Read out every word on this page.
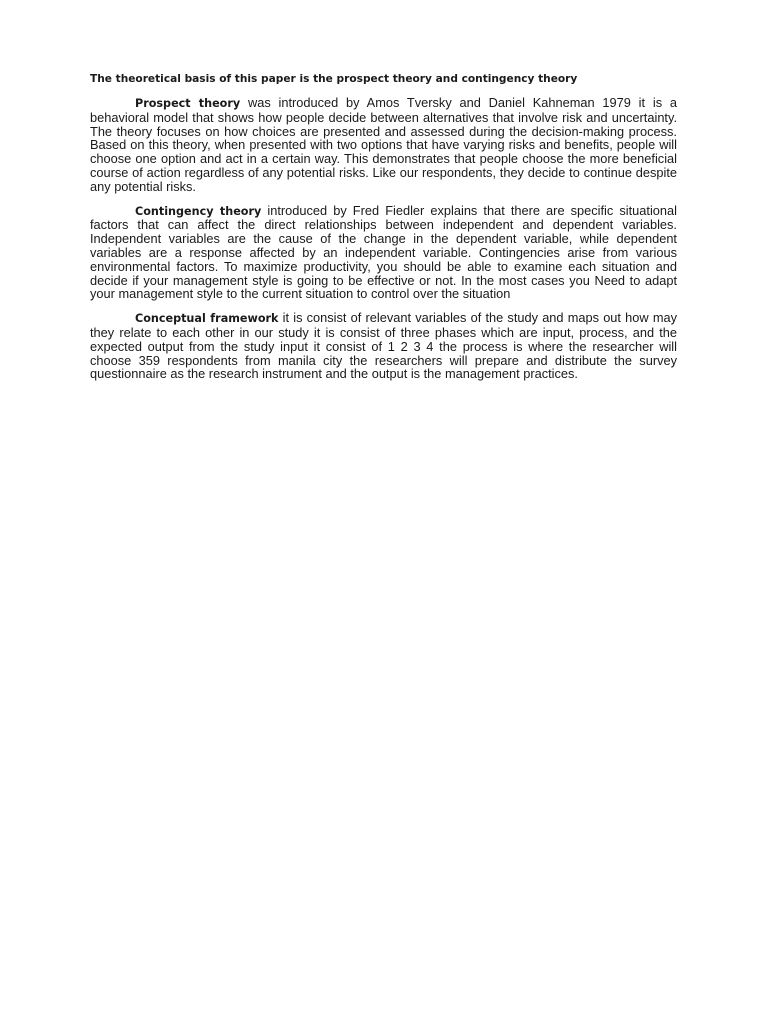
The theoretical basis of this paper is the prospect theory and contingency theory

Prospect theory was introduced by Amos Tversky and Daniel Kahneman 1979 it is a behavioral model that shows how people decide between alternatives that involve risk and uncertainty. The theory focuses on how choices are presented and assessed during the decision-making process. Based on this theory, when presented with two options that have varying risks and benefits, people will choose one option and act in a certain way. This demonstrates that people choose the more beneficial course of action regardless of any potential risks. Like our respondents, they decide to continue despite any potential risks.

Contingency theory introduced by Fred Fiedler explains that there are specific situational factors that can affect the direct relationships between independent and dependent variables. Independent variables are the cause of the change in the dependent variable, while dependent variables are a response affected by an independent variable. Contingencies arise from various environmental factors. To maximize productivity, you should be able to examine each situation and decide if your management style is going to be effective or not. In the most cases you Need to adapt your management style to the current situation to control over the situation

Conceptual framework it is consist of relevant variables of the study and maps out how may they relate to each other in our study it is consist of three phases which are input, process, and the expected output from the study input it consist of 1 2 3 4 the process is where the researcher will choose 359 respondents from manila city the researchers will prepare and distribute the survey questionnaire as the research instrument and the output is the management practices.
